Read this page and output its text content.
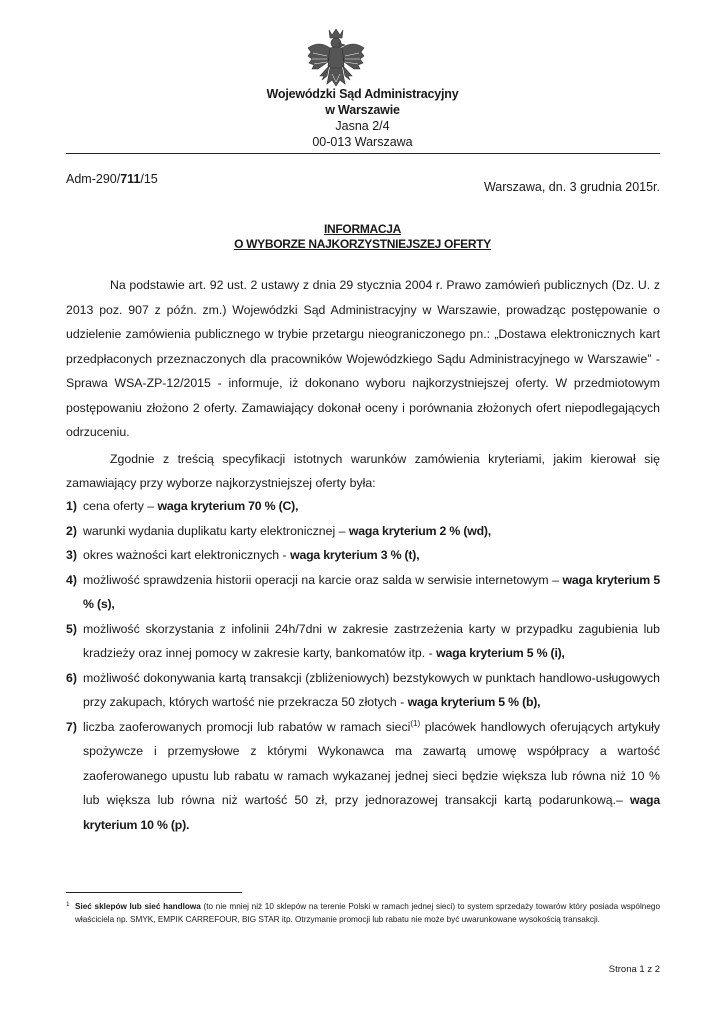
Wojewódzki Sąd Administracyjny
w Warszawie
Jasna 2/4
00-013 Warszawa
Warszawa, dn. 3 grudnia 2015r.
Adm-290/711/15
INFORMACJA
O WYBORZE NAJKORZYSTNIEJSZEJ OFERTY

Na podstawie art. 92 ust. 2 ustawy z dnia 29 stycznia 2004 r. Prawo zamówień publicznych (Dz. U. z 2013 poz. 907 z późn. zm.) Wojewódzki Sąd Administracyjny w Warszawie, prowadząc postępowanie o udzielenie zamówienia publicznego w trybie przetargu nieograniczonego pn.: „Dostawa elektronicznych kart przedpłaconych przeznaczonych dla pracowników Wojewódzkiego Sądu Administracyjnego w Warszawie” - Sprawa WSA-ZP-12/2015 - informuje, iż dokonano wyboru najkorzystniejszej oferty. W przedmiotowym postępowaniu złożono 2 oferty. Zamawiający dokonał oceny i porównania złożonych ofert niepodlegających odrzuceniu.

Zgodnie z treścią specyfikacji istotnych warunków zamówienia kryteriami, jakim kierował się zamawiający przy wyborze najkorzystniejszej oferty była:

1) cena oferty – waga kryterium 70 % (C),
2) warunki wydania duplikatu karty elektronicznej – waga kryterium 2 % (wd),
3) okres ważności kart elektronicznych - waga kryterium 3 % (t),
4) możliwość sprawdzenia historii operacji na karcie oraz salda w serwisie internetowym – waga kryterium 5 % (s),
5) możliwość skorzystania z infolinii 24h/7dni w zakresie zastrzeżenia karty w przypadku zagubienia lub kradzieży oraz innej pomocy w zakresie karty, bankomatów itp. - waga kryterium 5 % (i),
6) możliwość dokonywania kartą transakcji (zbliżeniowych) bezstykowych w punktach handlowo-usługowych przy zakupach, których wartość nie przekracza 50 złotych - waga kryterium 5 % (b),
7) liczba zaoferowanych promocji lub rabatów w ramach sieci$^{(1)}$ placówek handlowych oferujących artykuły spożywcze i przemysłowe z którymi Wykonawca ma zawartą umowę współpracy a wartość zaoferowanego upustu lub rabatu w ramach wykazanej jednej sieci będzie większa lub równa niż 10 % lub większa lub równa niż wartość 50 zł, przy jednorazowej transakcji kartą podarunkową.– waga kryterium 10 % (p).
1 Sieć sklepów lub sieć handlowa (to nie mniej niż 10 sklepów na terenie Polski w ramach jednej sieci) to system sprzedaży towarów który posiada wspólnego właściciela np. SMYK, EMPIK CARREFOUR, BIG STAR itp. Otrzymanie promocji lub rabatu nie może być uwarunkowane wysokością transakcji.
Strona 1 z 2
